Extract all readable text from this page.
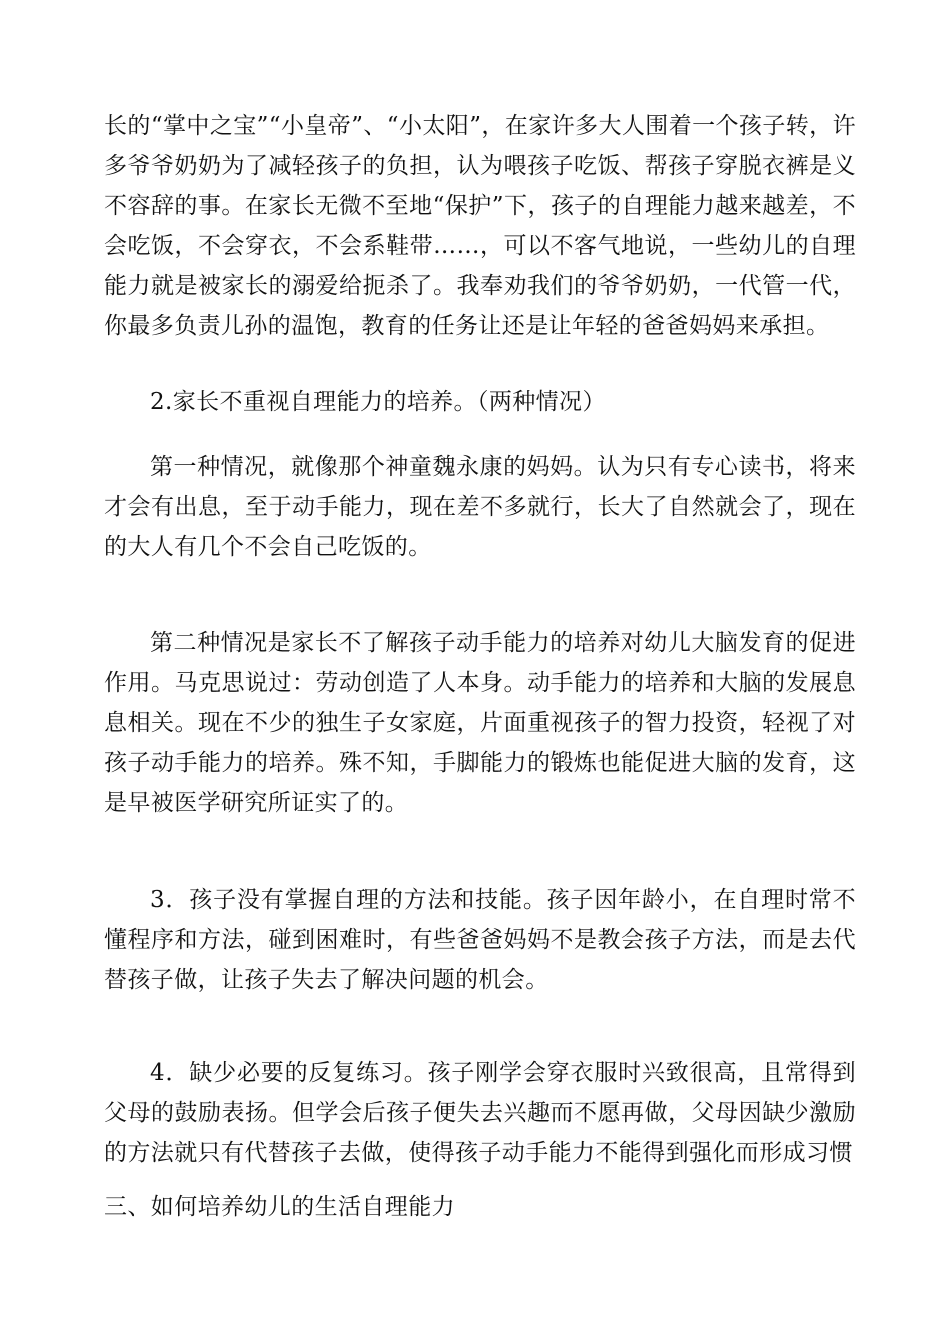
长的“掌中之宝”“小皇帝”、“小太阳”，在家许多大人围着一个孩子转，许多爷爷奶奶为了减轻孩子的负担，认为喂孩子吃饭、帮孩子穿脱衣裤是义不容辞的事。在家长无微不至地“保护”下，孩子的自理能力越来越差，不会吃饭，不会穿衣，不会系鞋带……，可以不客气地说，一些幼儿的自理能力就是被家长的溺爱给扼杀了。我奉劝我们的爷爷奶奶，一代管一代，你最多负责儿孙的温饱，教育的任务让还是让年轻的爸爸妈妈来承担。

2.家长不重视自理能力的培养。（两种情况）

第一种情况，就像那个神童魏永康的妈妈。认为只有专心读书，将来才会有出息，至于动手能力，现在差不多就行，长大了自然就会了，现在的大人有几个不会自己吃饭的。

第二种情况是家长不了解孩子动手能力的培养对幼儿大脑发育的促进作用。马克思说过：劳动创造了人本身。动手能力的培养和大脑的发展息息相关。现在不少的独生子女家庭，片面重视孩子的智力投资，轻视了对孩子动手能力的培养。殊不知，手脚能力的锻炼也能促进大脑的发育，这是早被医学研究所证实了的。

3．孩子没有掌握自理的方法和技能。孩子因年龄小，在自理时常不懂程序和方法，碰到困难时，有些爸爸妈妈不是教会孩子方法，而是去代替孩子做，让孩子失去了解决问题的机会。

4．缺少必要的反复练习。孩子刚学会穿衣服时兴致很高，且常得到父母的鼓励表扬。但学会后孩子便失去兴趣而不愿再做，父母因缺少激励的方法就只有代替孩子去做，使得孩子动手能力不能得到强化而形成习惯

三、如何培养幼儿的生活自理能力
